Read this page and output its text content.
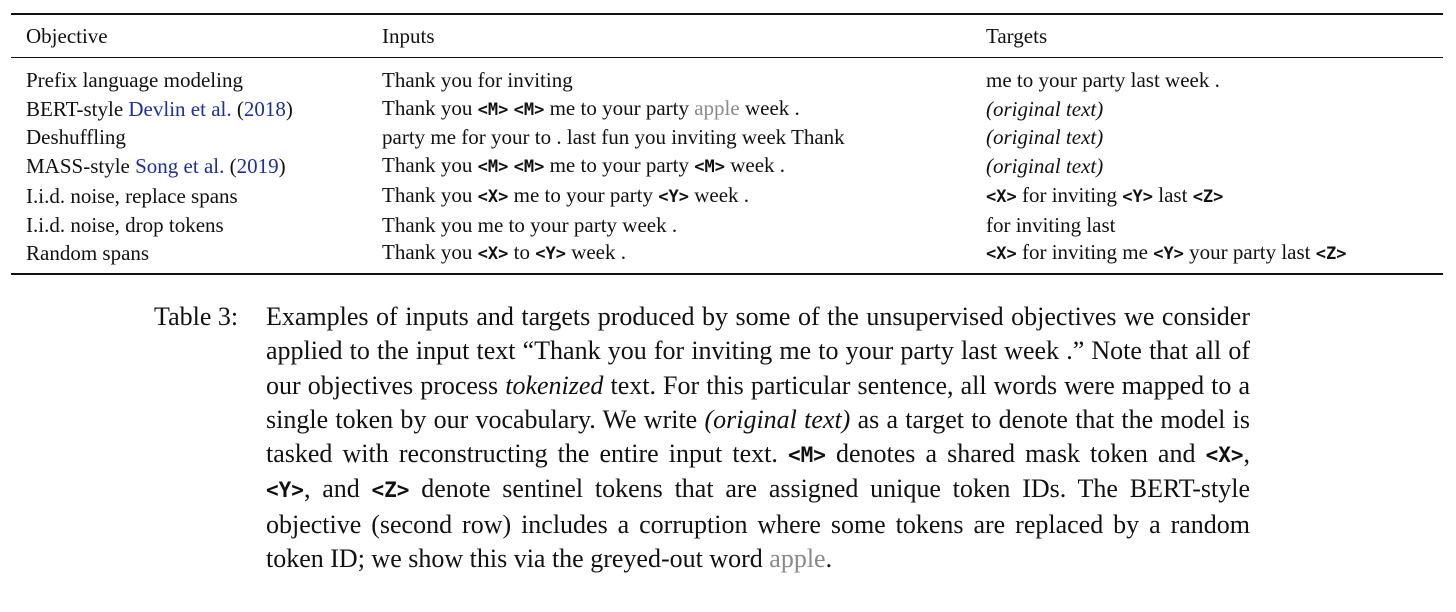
Objective	Inputs	Targets

Prefix language modeling	Thank you for inviting	me to your party last week .
BERT-style Devlin et al. (2018)	Thank you <M> <M> me to your party apple week .	(original text)
Deshuffling	party me for your to . last fun you inviting week Thank	(original text)
MASS-style Song et al. (2019)	Thank you <M> <M> me to your party <M> week .	(original text)
I.i.d. noise, replace spans	Thank you <X> me to your party <Y> week .	<X> for inviting <Y> last <Z>
I.i.d. noise, drop tokens	Thank you me to your party week .	for inviting last
Random spans	Thank you <X> to <Y> week .	<X> for inviting me <Y> your party last <Z>
Table 3: Examples of inputs and targets produced by some of the unsupervised objectives we consider applied to the input text “Thank you for inviting me to your party last week .” Note that all of our objectives process tokenized text. For this particular sentence, all words were mapped to a single token by our vocabulary. We write (original text) as a target to denote that the model is tasked with reconstructing the entire input text. <M> denotes a shared mask token and <X>, <Y>, and <Z> denote sentinel tokens that are assigned unique token IDs. The BERT-style objective (second row) includes a corruption where some tokens are replaced by a random token ID; we show this via the greyed-out word apple.
